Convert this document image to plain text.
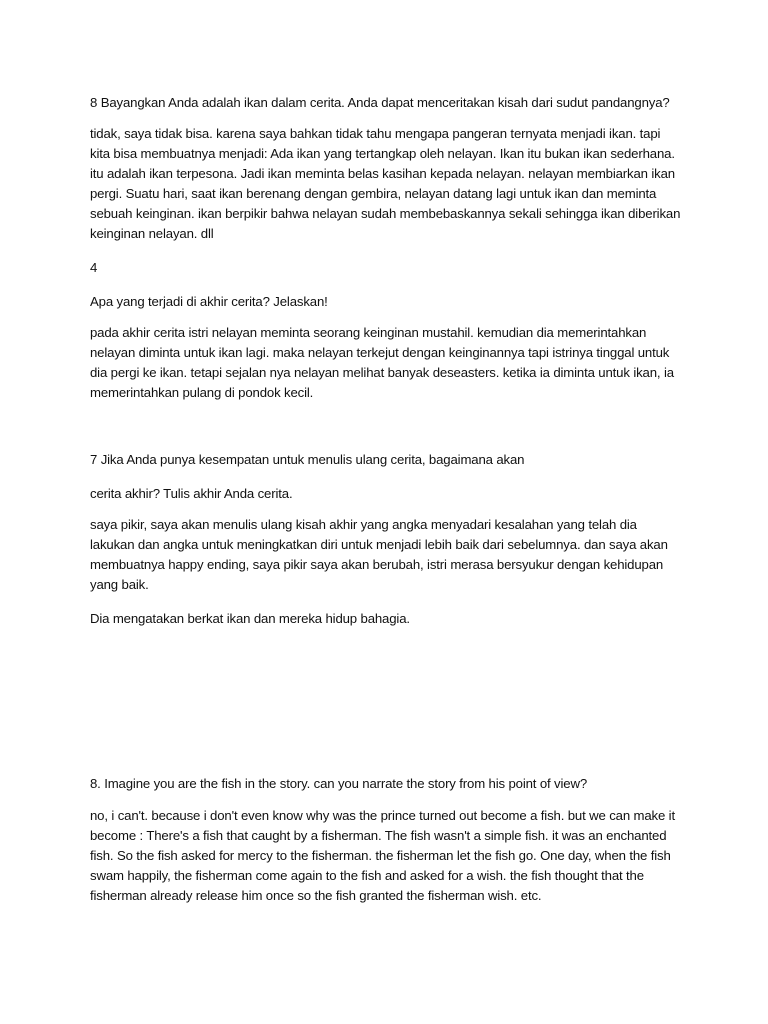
8 Bayangkan Anda adalah ikan dalam cerita. Anda dapat menceritakan kisah dari sudut pandangnya?

tidak, saya tidak bisa. karena saya bahkan tidak tahu mengapa pangeran ternyata menjadi ikan. tapi kita bisa membuatnya menjadi: Ada ikan yang tertangkap oleh nelayan. Ikan itu bukan ikan sederhana. itu adalah ikan terpesona. Jadi ikan meminta belas kasihan kepada nelayan. nelayan membiarkan ikan pergi. Suatu hari, saat ikan berenang dengan gembira, nelayan datang lagi untuk ikan dan meminta sebuah keinginan. ikan berpikir bahwa nelayan sudah membebaskannya sekali sehingga ikan diberikan keinginan nelayan. dll

4

Apa yang terjadi di akhir cerita? Jelaskan!

pada akhir cerita istri nelayan meminta seorang keinginan mustahil. kemudian dia memerintahkan nelayan diminta untuk ikan lagi. maka nelayan terkejut dengan keinginannya tapi istrinya tinggal untuk dia pergi ke ikan. tetapi sejalan nya nelayan melihat banyak deseasters. ketika ia diminta untuk ikan, ia memerintahkan pulang di pondok kecil.

7 Jika Anda punya kesempatan untuk menulis ulang cerita, bagaimana akan

cerita akhir? Tulis akhir Anda cerita.

saya pikir, saya akan menulis ulang kisah akhir yang angka menyadari kesalahan yang telah dia lakukan dan angka untuk meningkatkan diri untuk menjadi lebih baik dari sebelumnya. dan saya akan membuatnya happy ending, saya pikir saya akan berubah, istri merasa bersyukur dengan kehidupan yang baik.

Dia mengatakan berkat ikan dan mereka hidup bahagia.

8. Imagine you are the fish in the story. can you narrate the story from his point of view?

no, i can't. because i don't even know why was the prince turned out become a fish. but we can make it become : There's a fish that caught by a fisherman. The fish wasn't a simple fish. it was an enchanted fish. So the fish asked for mercy to the fisherman. the fisherman let the fish go. One day, when the fish swam happily, the fisherman come again to the fish and asked for a wish. the fish thought that the fisherman already release him once so the fish granted the fisherman wish. etc.
